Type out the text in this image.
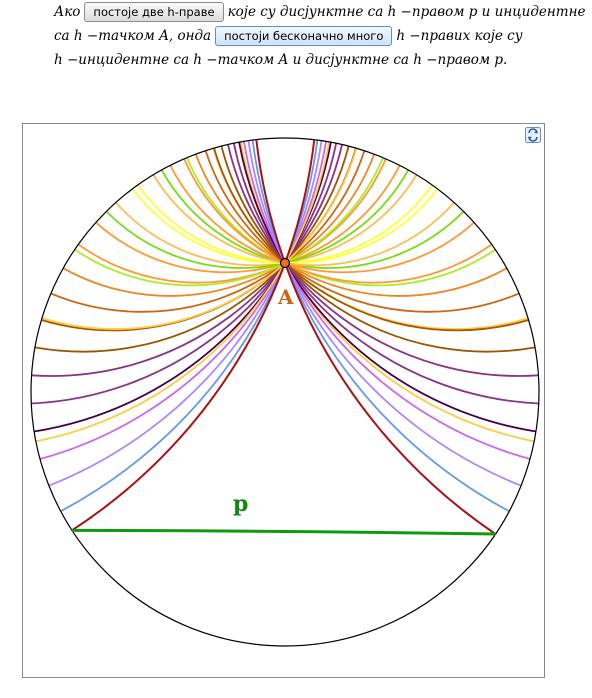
Ако	постоје две h-праве које су дисјунктне са h −правом p и инцидентне
са h −тачком A, онда	постоји бесконачно много h −правих које су
h −инцидентне са h −тачком A и дисјунктне са h −правом p.
A
p
